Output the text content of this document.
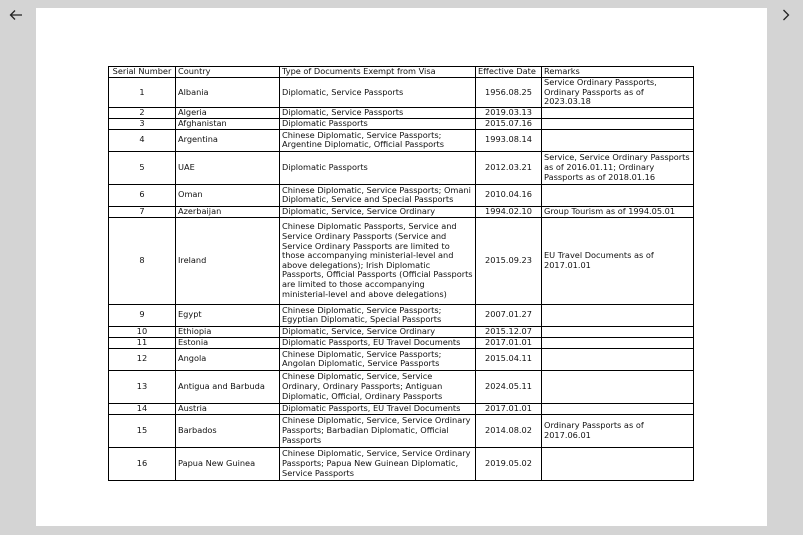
Serial Number	Country	Type of Documents Exempt from Visa	Effective Date	Remarks
1	Albania	Diplomatic, Service Passports	1956.08.25	Service Ordinary Passports, Ordinary Passports as of 2023.03.18
2	Algeria	Diplomatic, Service Passports	2019.03.13	
3	Afghanistan	Diplomatic Passports	2015.07.16	
4	Argentina	Chinese Diplomatic, Service Passports; Argentine Diplomatic, Official Passports	1993.08.14	
5	UAE	Diplomatic Passports	2012.03.21	Service, Service Ordinary Passports as of 2016.01.11; Ordinary Passports as of 2018.01.16
6	Oman	Chinese Diplomatic, Service Passports; Omani Diplomatic, Service and Special Passports	2010.04.16	
7	Azerbaijan	Diplomatic, Service, Service Ordinary	1994.02.10	Group Tourism as of 1994.05.01
8	Ireland	Chinese Diplomatic Passports, Service and Service Ordinary Passports (Service and Service Ordinary Passports are limited to those accompanying ministerial-level and above delegations); Irish Diplomatic Passports, Official Passports (Official Passports are limited to those accompanying ministerial-level and above delegations)	2015.09.23	EU Travel Documents as of 2017.01.01
9	Egypt	Chinese Diplomatic, Service Passports; Egyptian Diplomatic, Special Passports	2007.01.27	
10	Ethiopia	Diplomatic, Service, Service Ordinary	2015.12.07	
11	Estonia	Diplomatic Passports, EU Travel Documents	2017.01.01	
12	Angola	Chinese Diplomatic, Service Passports; Angolan Diplomatic, Service Passports	2015.04.11	
13	Antigua and Barbuda	Chinese Diplomatic, Service, Service Ordinary, Ordinary Passports; Antiguan Diplomatic, Official, Ordinary Passports	2024.05.11	
14	Austria	Diplomatic Passports, EU Travel Documents	2017.01.01	
15	Barbados	Chinese Diplomatic, Service, Service Ordinary Passports; Barbadian Diplomatic, Official Passports	2014.08.02	Ordinary Passports as of 2017.06.01
16	Papua New Guinea	Chinese Diplomatic, Service, Service Ordinary Passports; Papua New Guinean Diplomatic, Service Passports	2019.05.02	
